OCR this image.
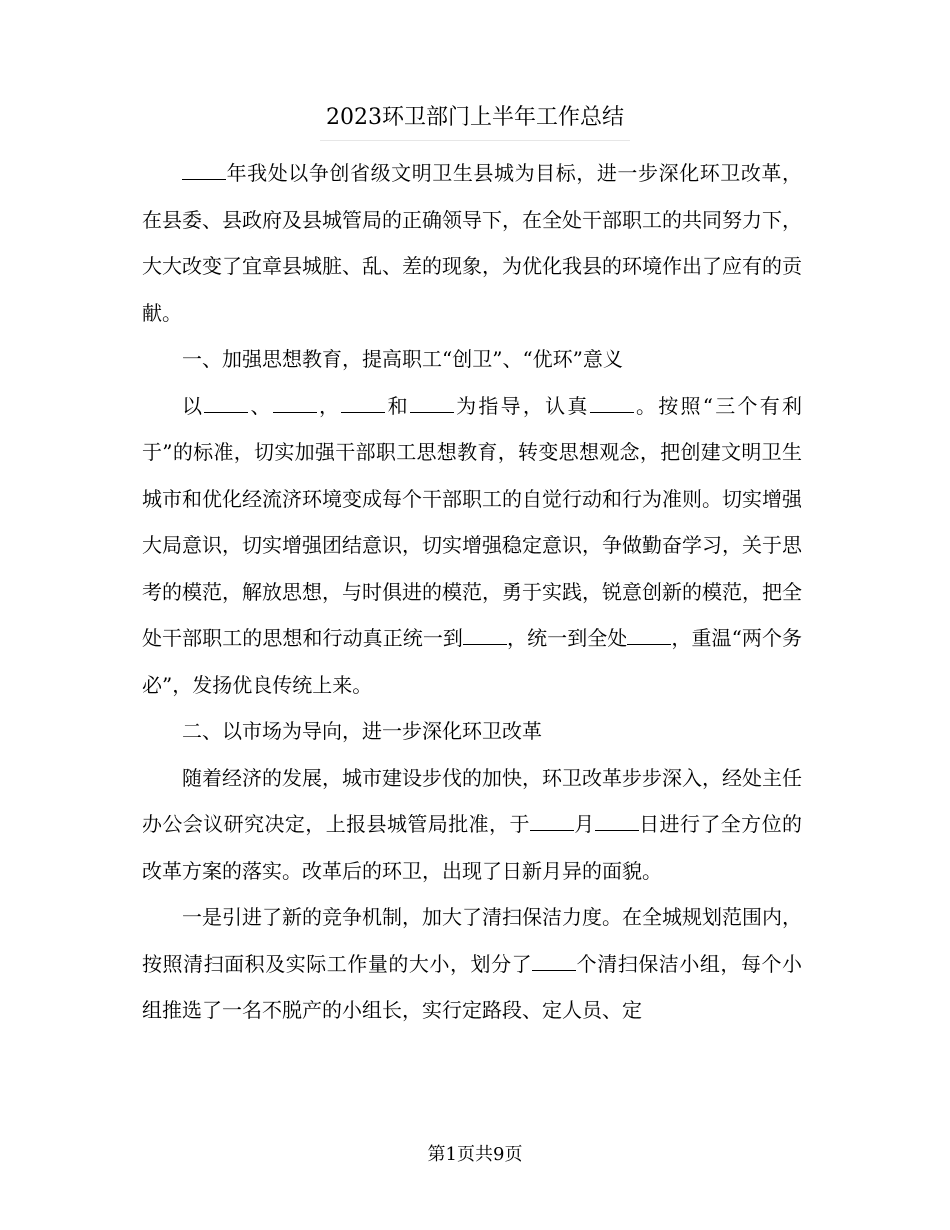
2023环卫部门上半年工作总结

年我处以争创省级文明卫生县城为目标，进一步深化环卫改革，在县委、县政府及县城管局的正确领导下，在全处干部职工的共同努力下，大大改变了宜章县城脏、乱、差的现象，为优化我县的环境作出了应有的贡献。

一、加强思想教育，提高职工“创卫”、“优环”意义

以 、 ， 和 为指导，认真 。按照“三个有利于”的标准，切实加强干部职工思想教育，转变思想观念，把创建文明卫生城市和优化经流济环境变成每个干部职工的自觉行动和行为准则。切实增强大局意识，切实增强团结意识，切实增强稳定意识，争做勤奋学习，关于思考的模范，解放思想，与时俱进的模范，勇于实践，锐意创新的模范，把全处干部职工的思想和行动真正统一到 ，统一到全处 ，重温“两个务必”，发扬优良传统上来。

二、以市场为导向，进一步深化环卫改革

随着经济的发展，城市建设步伐的加快，环卫改革步步深入，经处主任办公会议研究决定，上报县城管局批准，于 月 日进行了全方位的改革方案的落实。改革后的环卫，出现了日新月异的面貌。

一是引进了新的竞争机制，加大了清扫保洁力度。在全城规划范围内，按照清扫面积及实际工作量的大小，划分了 个清扫保洁小组，每个小组推选了一名不脱产的小组长，实行定路段、定人员、定

第1页共9页
